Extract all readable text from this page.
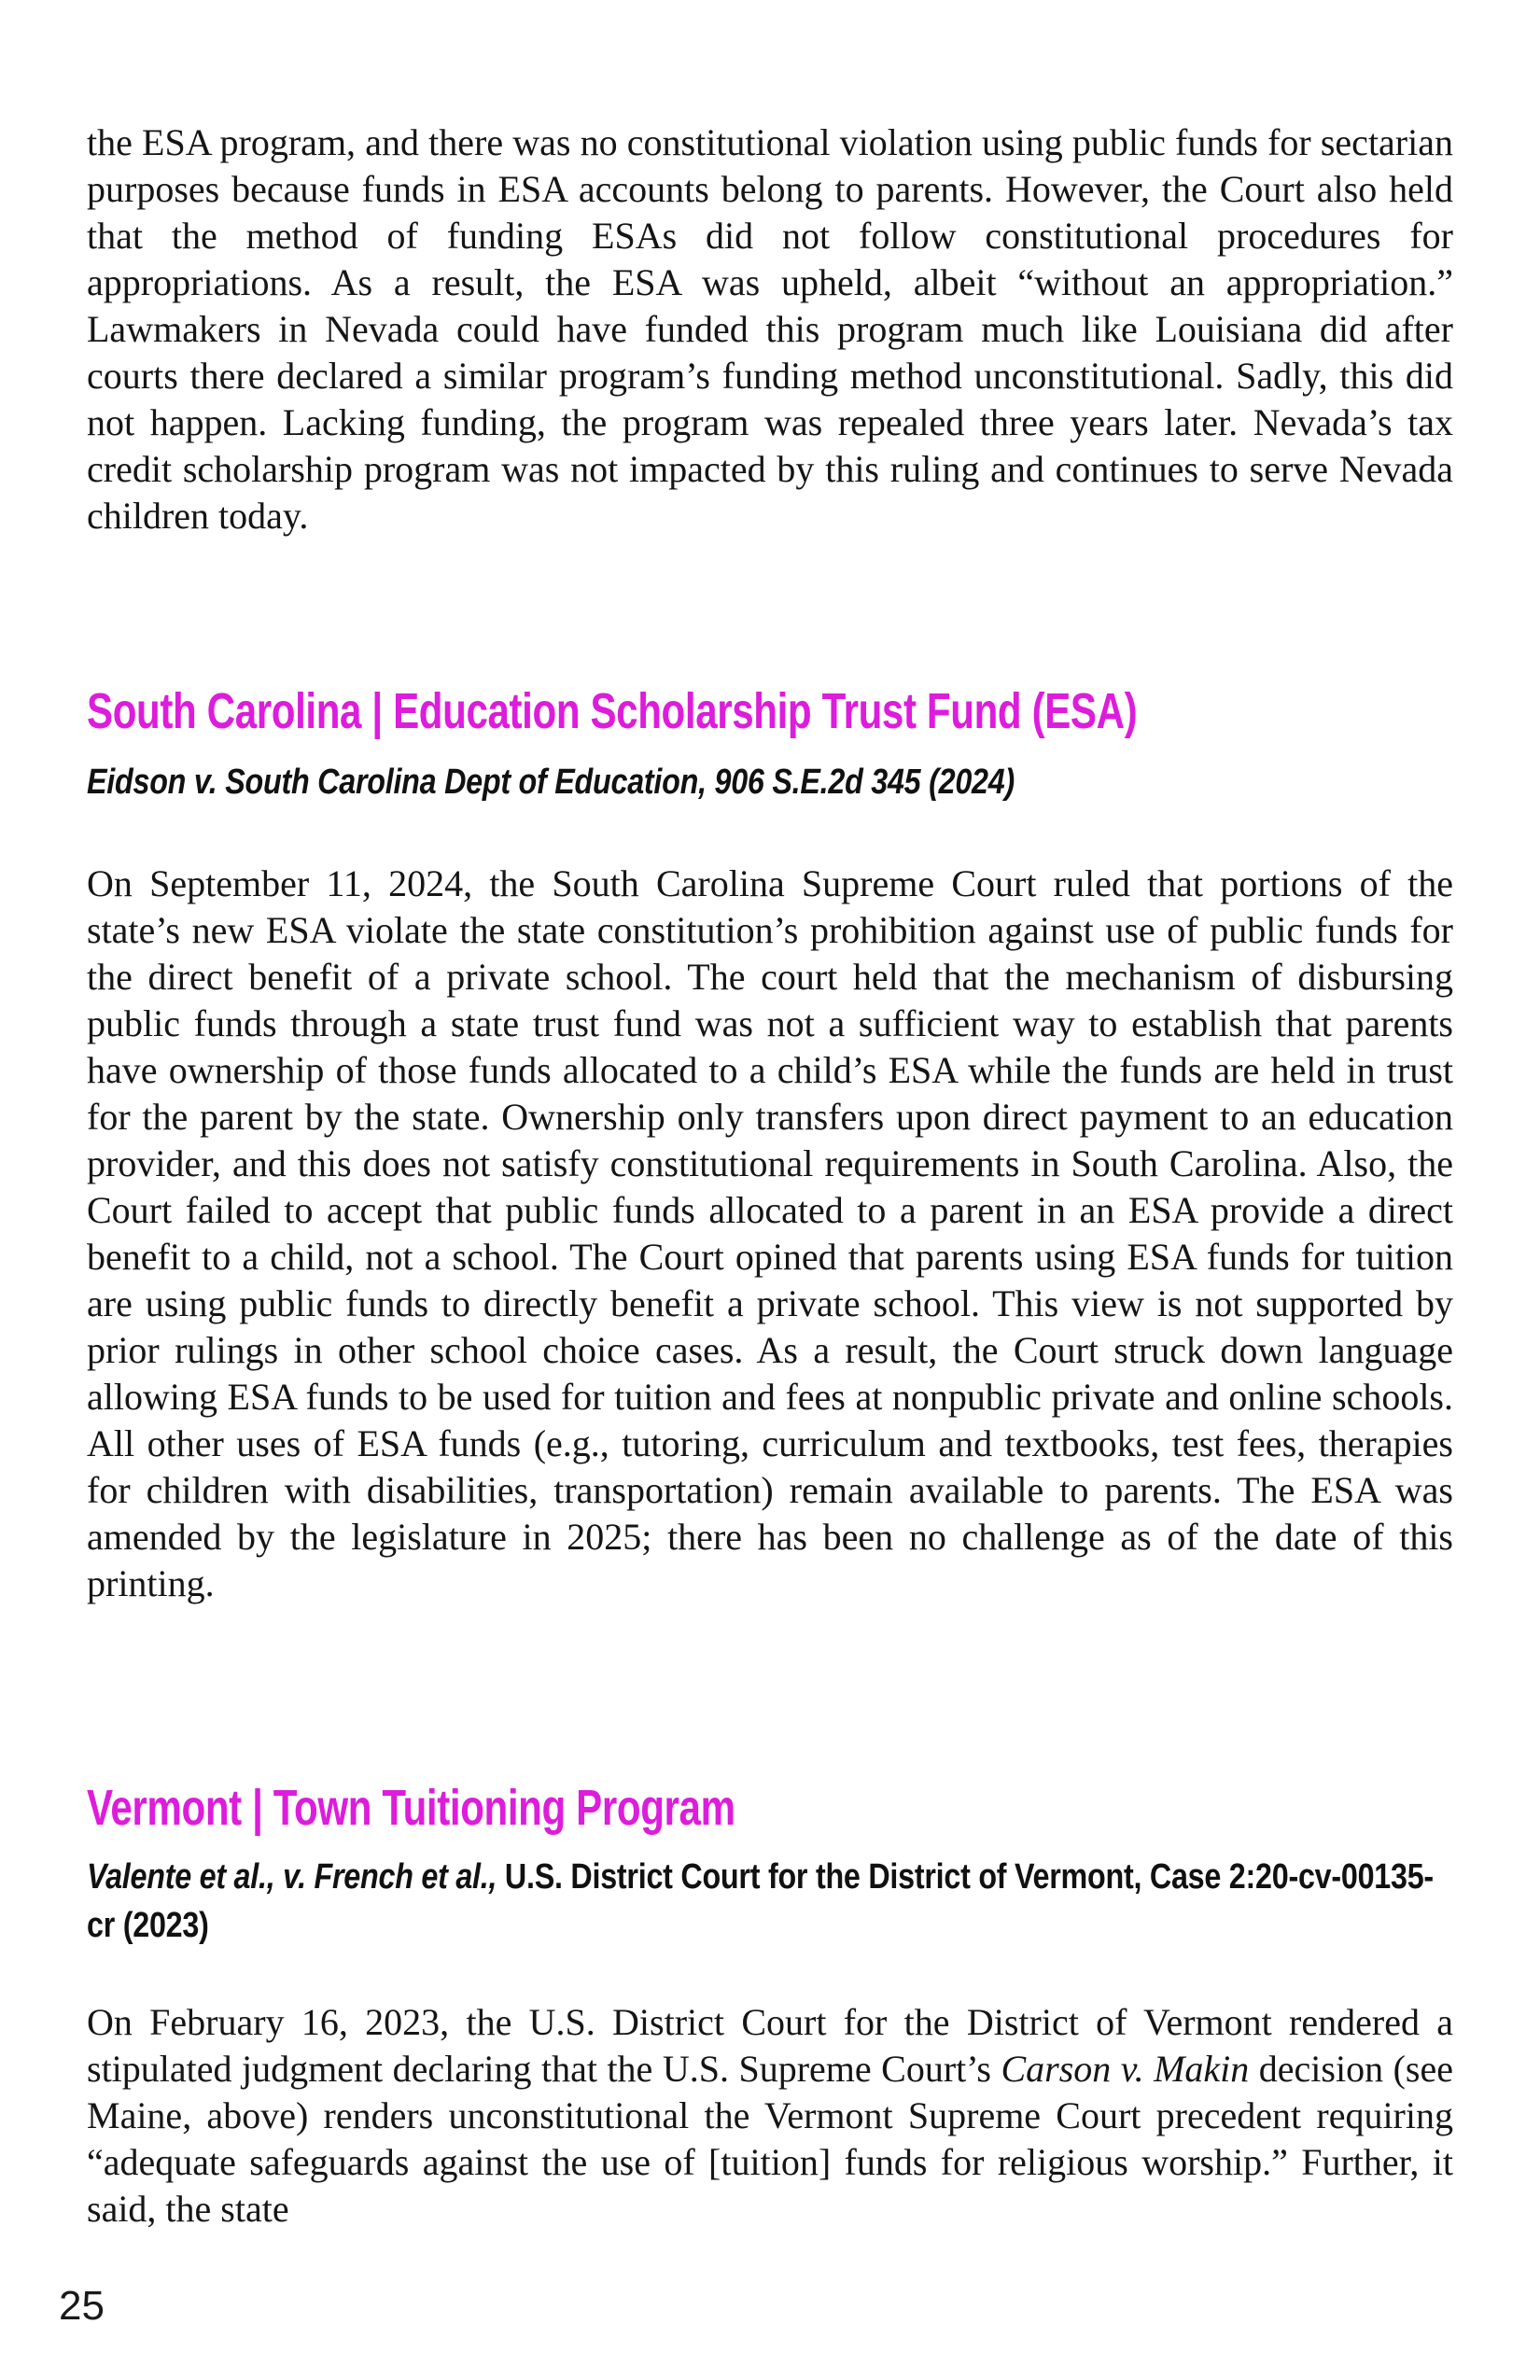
the ESA program, and there was no constitutional violation using public funds for sectarian purposes because funds in ESA accounts belong to parents. However, the Court also held that the method of funding ESAs did not follow constitutional procedures for appropriations. As a result, the ESA was upheld, albeit “without an appropriation.” Lawmakers in Nevada could have funded this program much like Louisiana did after courts there declared a similar program’s funding method unconstitutional. Sadly, this did not happen. Lacking funding, the program was repealed three years later. Nevada’s tax credit scholarship program was not impacted by this ruling and continues to serve Nevada children today.
South Carolina | Education Scholarship Trust Fund (ESA)
Eidson v. South Carolina Dept of Education, 906 S.E.2d 345 (2024)
On September 11, 2024, the South Carolina Supreme Court ruled that portions of the state’s new ESA violate the state constitution’s prohibition against use of public funds for the direct benefit of a private school. The court held that the mechanism of disbursing public funds through a state trust fund was not a sufficient way to establish that parents have ownership of those funds allocated to a child’s ESA while the funds are held in trust for the parent by the state. Ownership only transfers upon direct payment to an education provider, and this does not satisfy constitutional requirements in South Carolina. Also, the Court failed to accept that public funds allocated to a parent in an ESA provide a direct benefit to a child, not a school. The Court opined that parents using ESA funds for tuition are using public funds to directly benefit a private school. This view is not supported by prior rulings in other school choice cases. As a result, the Court struck down language allowing ESA funds to be used for tuition and fees at nonpublic private and online schools. All other uses of ESA funds (e.g., tutoring, curriculum and textbooks, test fees, therapies for children with disabilities, transportation) remain available to parents. The ESA was amended by the legislature in 2025; there has been no challenge as of the date of this printing.
Vermont | Town Tuitioning Program
Valente et al., v. French et al., U.S. District Court for the District of Vermont, Case 2:20-cv-00135-cr (2023)
On February 16, 2023, the U.S. District Court for the District of Vermont rendered a stipulated judgment declaring that the U.S. Supreme Court’s Carson v. Makin decision (see Maine, above) renders unconstitutional the Vermont Supreme Court precedent requiring “adequate safeguards against the use of [tuition] funds for religious worship.” Further, it said, the state
25
